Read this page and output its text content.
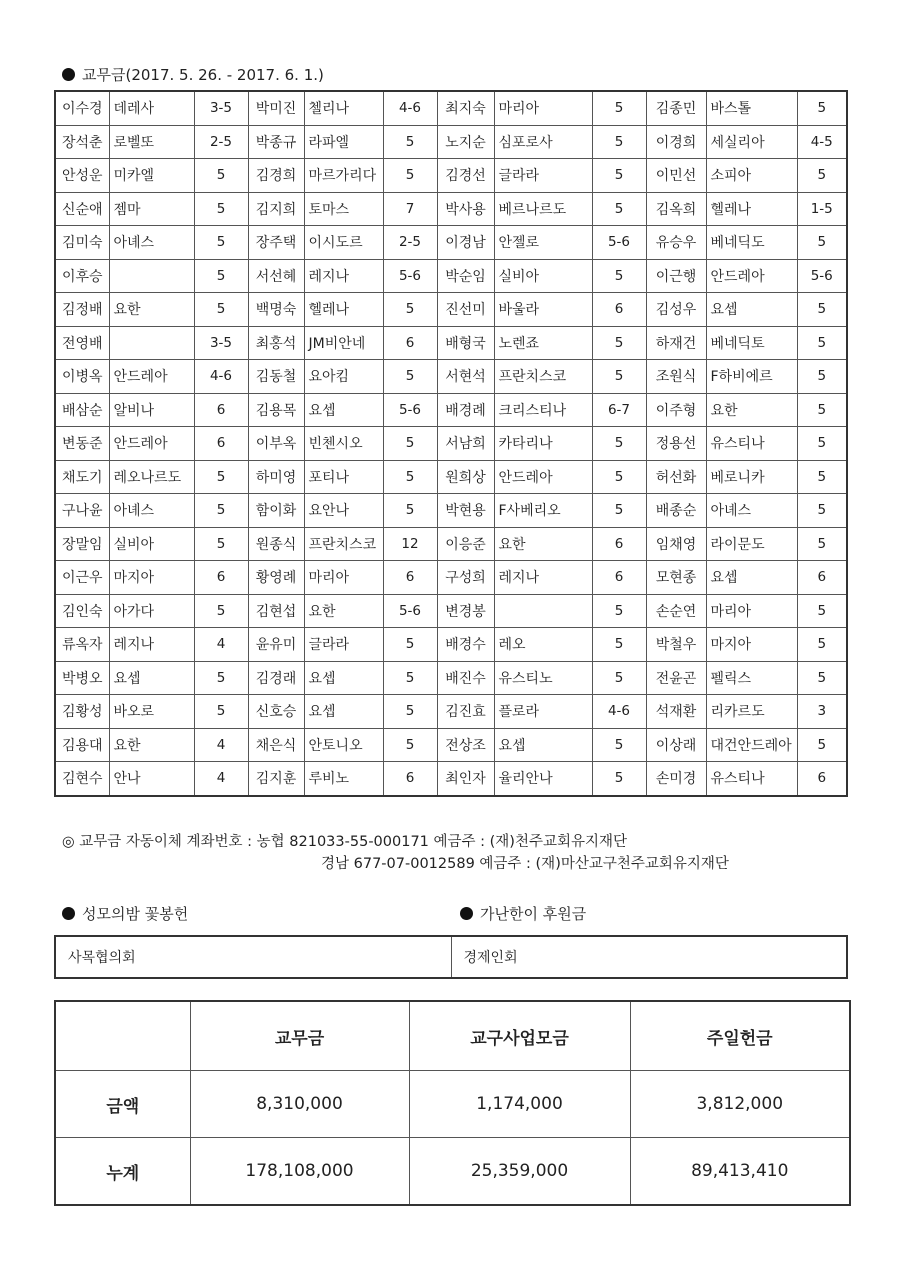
교무금(2017. 5. 26. - 2017. 6. 1.)
이수경	데레사	3-5	박미진	첼리나	4-6	최지숙	마리아	5	김종민	바스톨	5
장석춘	로벨또	2-5	박종규	라파엘	5	노지순	심포로사	5	이경희	세실리아	4-5
안성운	미카엘	5	김경희	마르가리다	5	김경선	글라라	5	이민선	소피아	5
신순애	젬마	5	김지희	토마스	7	박사용	베르나르도	5	김옥희	헬레나	1-5
김미숙	아녜스	5	장주택	이시도르	2-5	이경남	안젤로	5-6	유승우	베네딕도	5
이후승		5	서선혜	레지나	5-6	박순임	실비아	5	이근행	안드레아	5-6
김정배	요한	5	백명숙	헬레나	5	진선미	바울라	6	김성우	요셉	5
전영배		3-5	최홍석	JM비안네	6	배형국	노렌죠	5	하재건	베네딕토	5
이병옥	안드레아	4-6	김동철	요아킴	5	서현석	프란치스코	5	조원식	F하비에르	5
배삼순	알비나	6	김용목	요셉	5-6	배경례	크리스티나	6-7	이주형	요한	5
변동준	안드레아	6	이부옥	빈첸시오	5	서남희	카타리나	5	정용선	유스티나	5
채도기	레오나르도	5	하미영	포티나	5	원희상	안드레아	5	허선화	베로니카	5
구나윤	아녜스	5	함이화	요안나	5	박현용	F사베리오	5	배종순	아녜스	5
장말임	실비아	5	원종식	프란치스코	12	이응준	요한	6	임채영	라이문도	5
이근우	마지아	6	황영례	마리아	6	구성희	레지나	6	모현종	요셉	6
김인숙	아가다	5	김현섭	요한	5-6	변경봉		5	손순연	마리아	5
류옥자	레지나	4	윤유미	글라라	5	배경수	레오	5	박철우	마지아	5
박병오	요셉	5	김경래	요셉	5	배진수	유스티노	5	전윤곤	펠릭스	5
김황성	바오로	5	신호승	요셉	5	김진효	플로라	4-6	석재환	리카르도	3
김용대	요한	4	채은식	안토니오	5	전상조	요셉	5	이상래	대건안드레아	5
김현수	안나	4	김지훈	루비노	6	최인자	율리안나	5	손미경	유스티나	6
◎ 교무금 자동이체 계좌번호 : 농협 821033-55-000171 예금주 : (재)천주교회유지재단
경남 677-07-0012589 예금주 : (재)마산교구천주교회유지재단
성모의밤 꽃봉헌	가난한이 후원금
사목협의회	경제인회
	교무금	교구사업모금	주일헌금
금액	8,310,000	1,174,000	3,812,000
누계	178,108,000	25,359,000	89,413,410
